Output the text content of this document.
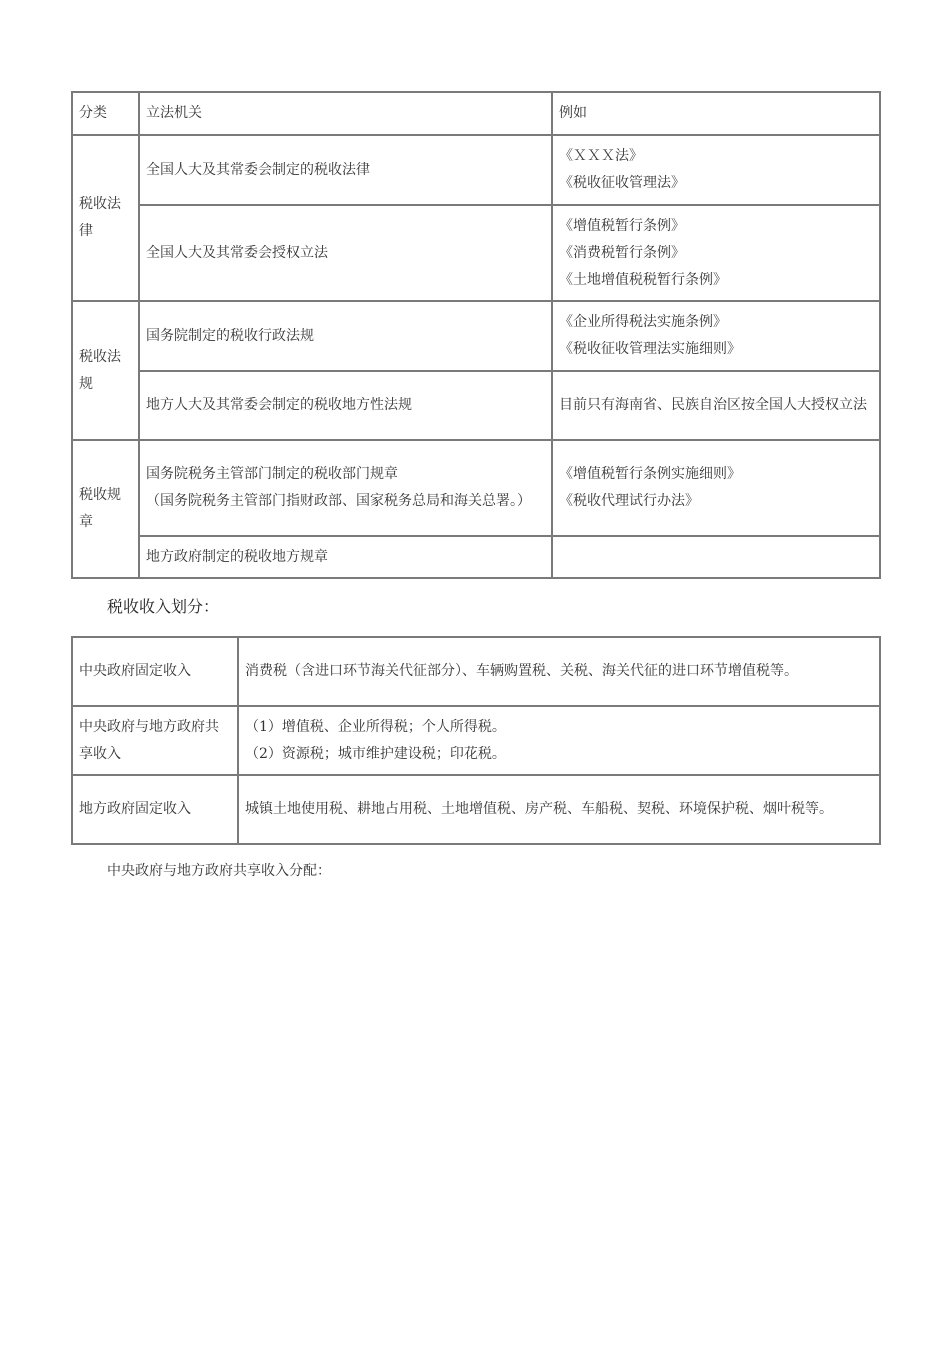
分类	立法机关	例如
税收法律	全国人大及其常委会制定的税收法律	《ＸＸＸ法》
《税收征收管理法》

	全国人大及其常委会授权立法	《增值税暂行条例》
《消费税暂行条例》
《土地增值税税暂行条例》

税收法规	国务院制定的税收行政法规	《企业所得税法实施条例》
《税收征收管理法实施细则》

	地方人大及其常委会制定的税收地方性法规	目前只有海南省、民族自治区按全国人大授权立法

税收规章	国务院税务主管部门制定的税收部门规章
（国务院税务主管部门指财政部、国家税务总局和海关总署。）	《增值税暂行条例实施细则》
《税收代理试行办法》

	地方政府制定的税收地方规章	

税收收入划分：
中央政府固定收入	消费税（含进口环节海关代征部分）、车辆购置税、关税、海关代征的进口环节增值税等。

中央政府与地方政府共享收入	（1）增值税、企业所得税；个人所得税。
（2）资源税；城市维护建设税；印花税。

地方政府固定收入	城镇土地使用税、耕地占用税、土地增值税、房产税、车船税、契税、环境保护税、烟叶税等。
中央政府与地方政府共享收入分配：
